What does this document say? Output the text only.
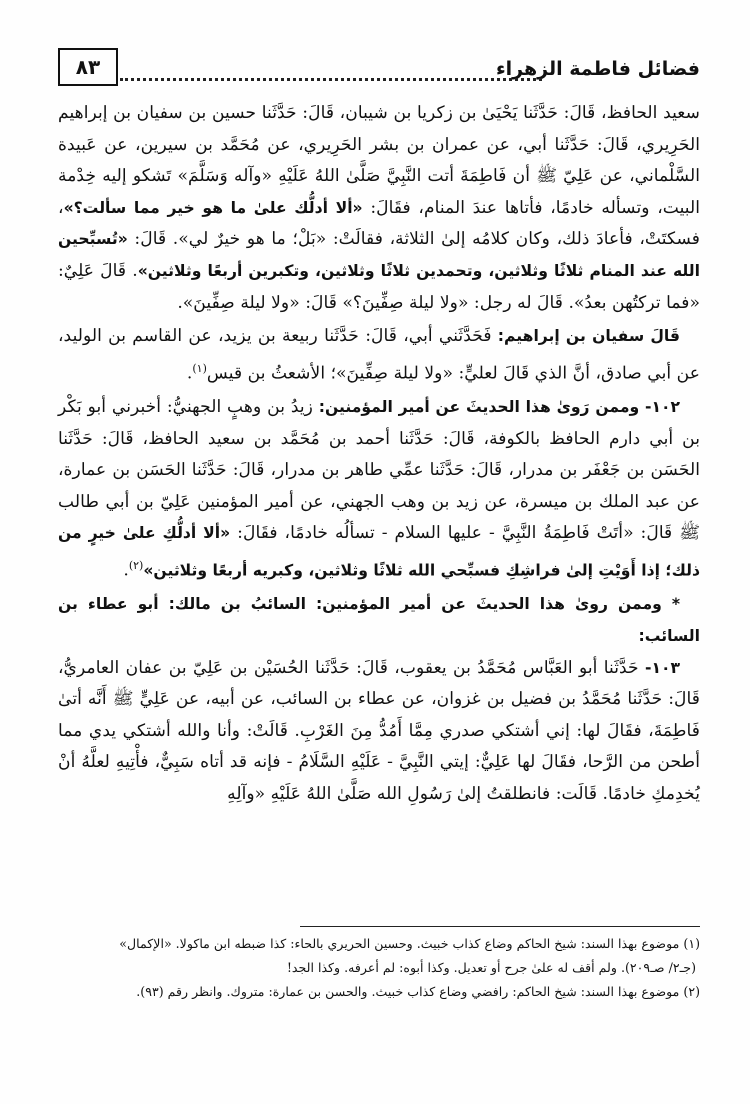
فضائل فاطمة الزهراء
٨٣

سعيد الحافظ، قَالَ: حَدَّثَنا يَحْيَىٰ بن زكريا بن شيبان، قَالَ: حَدَّثَنا حسين بن سفيان بن إبراهيم الحَرِيري، قَالَ: حَدَّثَنا أبي، عن عمران بن بشر الحَرِيري، عن مُحَمَّد بن سيرين، عن عَبيدة السَّلْماني، عن عَلِيّ ﷺ أن فَاطِمَةَ أتت النَّبِيَّ صَلَّىٰ اللهُ عَلَيْهِ «وآله وَسَلَّمَ» تَشكو إليه خِدْمة البيت، وتسأله خادمًا، فأتاها عندَ المنام، فقَالَ: «ألا أدلُّك علىٰ ما هو خير مما سألت؟»، فسكتَتْ، فأعادَ ذلك، وكان كلامُه إلىٰ الثلاثة، فقالَتْ: «بَلْ؛ ما هو خيرٌ لي». قَالَ: «تُسبِّحين الله عند المنام ثلاثًا وثلاثين، وتحمدين ثلاثًا وثلاثين، وتكبرين أربعًا وثلاثين». قَالَ عَلِيٌ: «فما تركتُهن بعدُ». قَالَ له رجل: «ولا ليلة صِفِّينَ؟» قَالَ: «ولا ليلة صِفِّينَ».

قَالَ سفيان بن إبراهيم: فَحَدَّثَني أبي، قَالَ: حَدَّثَنا ربيعة بن يزيد، عن القاسم بن الوليد، عن أبي صادق، أنَّ الذي قَالَ لعليٍّ: «ولا ليلة صِفِّينَ»؛ الأشعثُ بن قيس$^{(١)}$.

١٠٢- وممن رَوىٰ هذا الحديثَ عن أمير المؤمنين: زيدُ بن وهبٍ الجهنيُّ: أخبرني أبو بَكْر بن أبي دارم الحافظ بالكوفة، قَالَ: حَدَّثَنا أحمد بن مُحَمَّد بن سعيد الحافظ، قَالَ: حَدَّثَنا الحَسَن بن جَعْفَر بن مدرار، قَالَ: حَدَّثَنا عمِّي طاهر بن مدرار، قَالَ: حَدَّثَنا الحَسَن بن عمارة، عن عبد الملك بن ميسرة، عن زيد بن وهب الجهني، عن أمير المؤمنين عَلِيّ بن أبي طالب ﷺ قَالَ: «أتَتْ فَاطِمَةُ النَّبِيَّ - عليها السلام - تسألُه خادمًا، فقَالَ: «ألا أدلُّكِ علىٰ خيرٍ من ذلك؛ إذا أَوَيْتِ إلىٰ فراشِكِ فسبِّحي الله ثلاثًا وثلاثين، وكبريه أربعًا وثلاثين»$^{(٢)}$.

* وممن روىٰ هذا الحديثَ عن أمير المؤمنين: السائبُ بن مالك: أبو عطاء بن السائب:

١٠٣- حَدَّثَنا أبو العَبَّاس مُحَمَّدُ بن يعقوب، قَالَ: حَدَّثَنا الحُسَيْن بن عَلِيّ بن عفان العامريُّ، قَالَ: حَدَّثَنا مُحَمَّدُ بن فضيل بن غزوان، عن عطاء بن السائب، عن أبيه، عن عَلِيٍّ ﷺ أَنَّه أتىٰ فَاطِمَةَ، فقَالَ لها: إني أشتكي صدري مِمَّا أَمُدُّ مِنَ الغَرْبِ. قَالَتْ: وأنا والله أشتكي يدي مما أطحن من الرَّحا، فقَالَ لها عَلِيٌّ: إيتي النَّبِيَّ - عَلَيْهِ السَّلَامُ - فإنه قد أتاه سَبِيٌّ، فأْتِيهِ لعلَّهُ أنْ يُخدِمكِ خادمًا. قَالَت: فانطلقتُ إلىٰ رَسُولِ الله صَلَّىٰ اللهُ عَلَيْهِ «وآلِهِ

(١) موضوع بهذا السند: شيخ الحاكم وضاع كذاب خبيث. وحسين الحريري بالحاء: كذا ضبطه ابن ماكولا. «الإكمال»

(جـ٢/ صـ٢٠٩). ولم أقف له علىٰ جرح أو تعديل. وكذا أبوه: لم أعرفه. وكذا الجد!

(٢) موضوع بهذا السند: شيخ الحاكم: رافضي وضاع كذاب خبيث. والحسن بن عمارة: متروك. وانظر رقم (٩٣).
